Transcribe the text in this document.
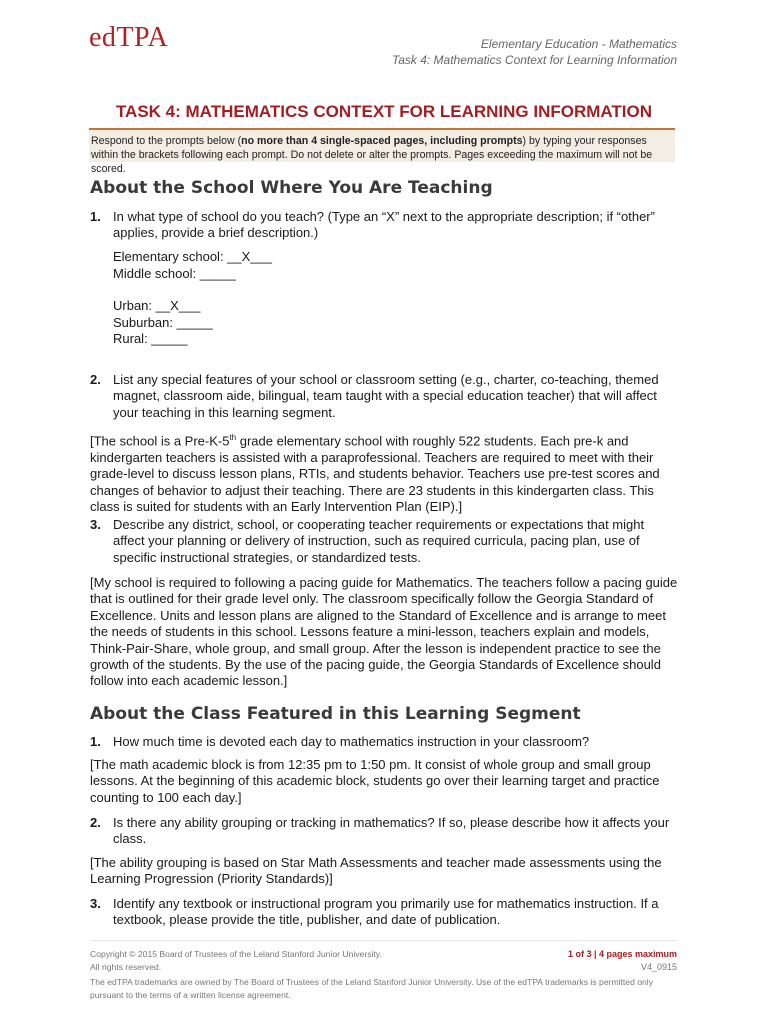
edTPA	Elementary Education - Mathematics
Task 4: Mathematics Context for Learning Information
TASK 4: MATHEMATICS CONTEXT FOR LEARNING INFORMATION
Respond to the prompts below (no more than 4 single-spaced pages, including prompts) by typing your responses within the brackets following each prompt. Do not delete or alter the prompts. Pages exceeding the maximum will not be scored.
About the School Where You Are Teaching
1. In what type of school do you teach? (Type an “X” next to the appropriate description; if “other” applies, provide a brief description.)
Elementary school: __X___
Middle school: _____
Urban: __X___
Suburban: _____
Rural: _____
2. List any special features of your school or classroom setting (e.g., charter, co-teaching, themed magnet, classroom aide, bilingual, team taught with a special education teacher) that will affect your teaching in this learning segment.
[The school is a Pre-K-5th grade elementary school with roughly 522 students. Each pre-k and kindergarten teachers is assisted with a paraprofessional. Teachers are required to meet with their grade-level to discuss lesson plans, RTIs, and students behavior. Teachers use pre-test scores and changes of behavior to adjust their teaching. There are 23 students in this kindergarten class. This class is suited for students with an Early Intervention Plan (EIP).]
3. Describe any district, school, or cooperating teacher requirements or expectations that might affect your planning or delivery of instruction, such as required curricula, pacing plan, use of specific instructional strategies, or standardized tests.
[My school is required to following a pacing guide for Mathematics. The teachers follow a pacing guide that is outlined for their grade level only. The classroom specifically follow the Georgia Standard of Excellence. Units and lesson plans are aligned to the Standard of Excellence and is arrange to meet the needs of students in this school. Lessons feature a mini-lesson, teachers explain and models, Think-Pair-Share, whole group, and small group. After the lesson is independent practice to see the growth of the students. By the use of the pacing guide, the Georgia Standards of Excellence should follow into each academic lesson.]
About the Class Featured in this Learning Segment
1. How much time is devoted each day to mathematics instruction in your classroom?
[The math academic block is from 12:35 pm to 1:50 pm. It consist of whole group and small group lessons. At the beginning of this academic block, students go over their learning target and practice counting to 100 each day.]
2. Is there any ability grouping or tracking in mathematics? If so, please describe how it affects your class.
[The ability grouping is based on Star Math Assessments and teacher made assessments using the Learning Progression (Priority Standards)]
3. Identify any textbook or instructional program you primarily use for mathematics instruction. If a textbook, please provide the title, publisher, and date of publication.
Copyright © 2015 Board of Trustees of the Leland Stanford Junior University.
All rights reserved.
1 of 3 | 4 pages maximum
V4_0915
The edTPA trademarks are owned by The Board of Trustees of the Leland Stanford Junior University. Use of the edTPA trademarks is permitted only pursuant to the terms of a written license agreement.
